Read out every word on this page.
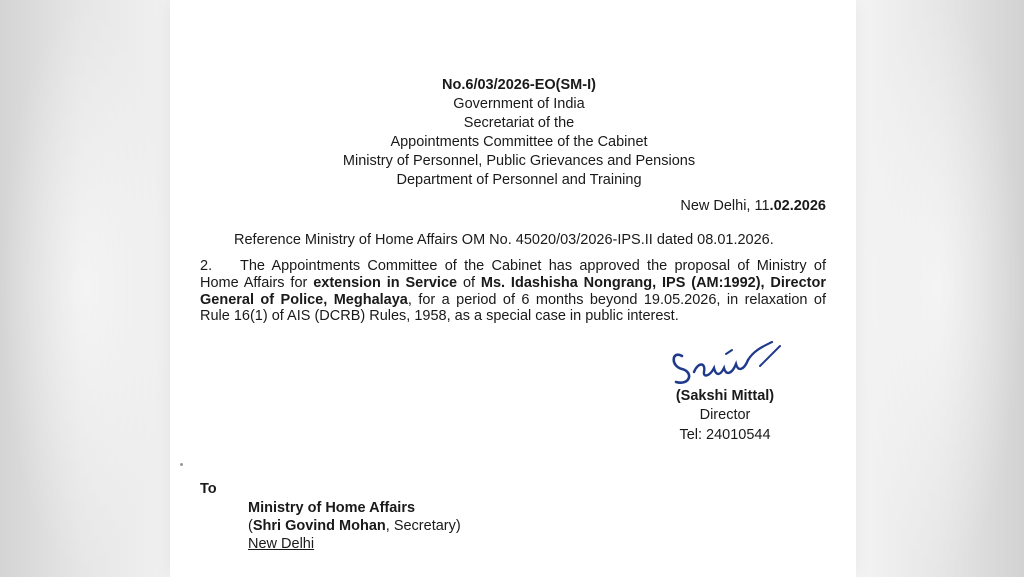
No.6/03/2026-EO(SM-I)
Government of India
Secretariat of the
Appointments Committee of the Cabinet
Ministry of Personnel, Public Grievances and Pensions
Department of Personnel and Training
New Delhi, 11.02.2026
Reference Ministry of Home Affairs OM No. 45020/03/2026-IPS.II dated 08.01.2026.
2. The Appointments Committee of the Cabinet has approved the proposal of Ministry of Home Affairs for extension in Service of Ms. Idashisha Nongrang, IPS (AM:1992), Director General of Police, Meghalaya, for a period of 6 months beyond 19.05.2026, in relaxation of Rule 16(1) of AIS (DCRB) Rules, 1958, as a special case in public interest.
(Sakshi Mittal)
Director
Tel: 24010544
To
Ministry of Home Affairs
(Shri Govind Mohan, Secretary)
New Delhi
